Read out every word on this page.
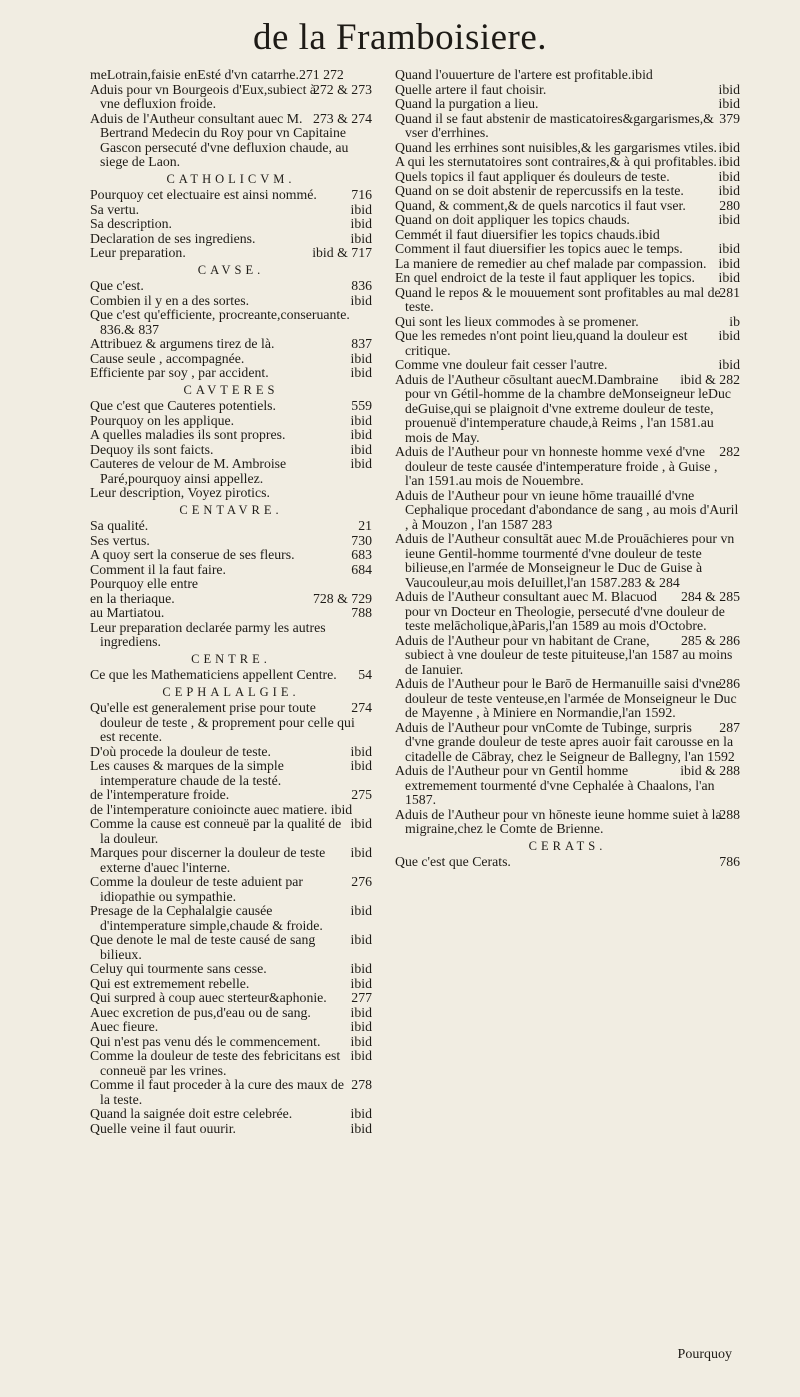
de la Framboisiere.

meLotrain,faisie enEsté d'vn catarrhe.271 272

272 & 273
Aduis pour vn Bourgeois d'Eux,subiect à vne defluxion froide.

273 & 274
Aduis de l'Autheur consultant auec M. Bertrand Medecin du Roy pour vn Capitaine Gascon persecuté d'vne defluxion chaude, au siege de Laon.

CATHOLICVM.

716
Pourquoy cet electuaire est ainsi nommé.

ibid
Sa vertu.

ibid
Sa description.

ibid
Declaration de ses ingrediens.

ibid & 717
Leur preparation.

CAVSE.

836
Que c'est.

ibid
Combien il y en a des sortes.

Que c'est qu'efficiente, procreante,conseruante. 836.& 837

837
Attribuez & argumens tirez de là.

ibid
Cause seule , accompagnée.

ibid
Efficiente par soy , par accident.

CAVTERES

559
Que c'est que Cauteres potentiels.

ibid
Pourquoy on les applique.

ibid
A quelles maladies ils sont propres.

ibid
Dequoy ils sont faicts.

ibid
Cauteres de velour de M. Ambroise Paré,pourquoy ainsi appellez.

Leur description, Voyez pirotics.

CENTAVRE.

21
Sa qualité.

730
Ses vertus.

683
A quoy sert la conserue de ses fleurs.

684
Comment il la faut faire.

Pourquoy elle entre

728 & 729
en la theriaque.

788
au Martiatou.

Leur preparation declarée parmy les autres ingrediens.

CENTRE.

54
Ce que les Mathematiciens appellent Centre.

CEPHALALGIE.

274
Qu'elle est generalement prise pour toute douleur de teste , & proprement pour celle qui est recente.

ibid
D'où procede la douleur de teste.

ibid
Les causes & marques de la simple intemperature chaude de la testé.

275
de l'intemperature froide.

de l'intemperature conioincte auec matiere. ibid

ibid
Comme la cause est conneuë par la qualité de la douleur.

ibid
Marques pour discerner la douleur de teste externe d'auec l'interne.

276
Comme la douleur de teste aduient par idiopathie ou sympathie.

ibid
Presage de la Cephalalgie causée d'intemperature simple,chaude & froide.

ibid
Que denote le mal de teste causé de sang bilieux.

ibid
Celuy qui tourmente sans cesse.

ibid
Qui est extremement rebelle.

277
Qui surpred à coup auec sterteur&aphonie.

ibid
Auec excretion de pus,d'eau ou de sang.

ibid
Auec fieure.

ibid
Qui n'est pas venu dés le commencement.

ibid
Comme la douleur de teste des febricitans est conneuë par les vrines.

278
Comme il faut proceder à la cure des maux de la teste.

ibid
Quand la saignée doit estre celebrée.

ibid
Quelle veine il faut ouurir.

Quand l'ouuerture de l'artere est profitable.ibid

ibid
Quelle artere il faut choisir.

ibid
Quand la purgation a lieu.

379
Quand il se faut abstenir de masticatoires&gargarismes,& vser d'errhines.

ibid
Quand les errhines sont nuisibles,& les gargarismes vtiles.

ibid
A qui les sternutatoires sont contraires,& à qui profitables.

ibid
Quels topics il faut appliquer és douleurs de teste.

ibid
Quand on se doit abstenir de repercussifs en la teste.

280
Quand, & comment,& de quels narcotics il faut vser.

ibid
Quand on doit appliquer les topics chauds.

Cemmét il faut diuersifier les topics chauds.ibid

ibid
Comment il faut diuersifier les topics auec le temps.

ibid
La maniere de remedier au chef malade par compassion.

ibid
En quel endroict de la teste il faut appliquer les topics.

281
Quand le repos & le mouuement sont profitables au mal de teste.

ib
Qui sont les lieux commodes à se promener.

ibid
Que les remedes n'ont point lieu,quand la douleur est critique.

ibid
Comme vne douleur fait cesser l'autre.

ibid & 282
Aduis de l'Autheur cōsultant auecM.Dambraine pour vn Gétil-homme de la chambre deMonseigneur leDuc deGuise,qui se plaignoit d'vne extreme douleur de teste, prouenuë d'intemperature chaude,à Reims , l'an 1581.au mois de May.

282
Aduis de l'Autheur pour vn honneste homme vexé d'vne douleur de teste causée d'intemperature froide , à Guise , l'an 1591.au mois de Nouembre.

Aduis de l'Autheur pour vn ieune hōme trauaillé d'vne Cephalique procedant d'abondance de sang , au mois d'Auril , à Mouzon , l'an 1587 283

Aduis de l'Autheur consultāt auec M.de Prouāchieres pour vn ieune Gentil-homme tourmenté d'vne douleur de teste bilieuse,en l'armée de Monseigneur le Duc de Guise à Vaucouleur,au mois deIuillet,l'an 1587.283 & 284

284 & 285
Aduis de l'Autheur consultant auec M. Blacuod pour vn Docteur en Theologie, persecuté d'vne douleur de teste melācholique,àParis,l'an 1589 au mois d'Octobre.

285 & 286
Aduis de l'Autheur pour vn habitant de Crane, subiect à vne douleur de teste pituiteuse,l'an 1587 au moins de Ianuier.

286
Aduis de l'Autheur pour le Barō de Hermanuille saisi d'vne douleur de teste venteuse,en l'armée de Monseigneur le Duc de Mayenne , à Miniere en Normandie,l'an 1592.

287
Aduis de l'Autheur pour vnComte de Tubinge, surpris d'vne grande douleur de teste apres auoir fait carousse en la citadelle de Cābray, chez le Seigneur de Ballegny, l'an 1592

ibid & 288
Aduis de l'Autheur pour vn Gentil homme extremement tourmenté d'vne Cephalée à Chaalons, l'an 1587.

288
Aduis de l'Autheur pour vn hōneste ieune homme suiet à la migraine,chez le Comte de Brienne.

CERATS.

786
Que c'est que Cerats.

Pourquoy
